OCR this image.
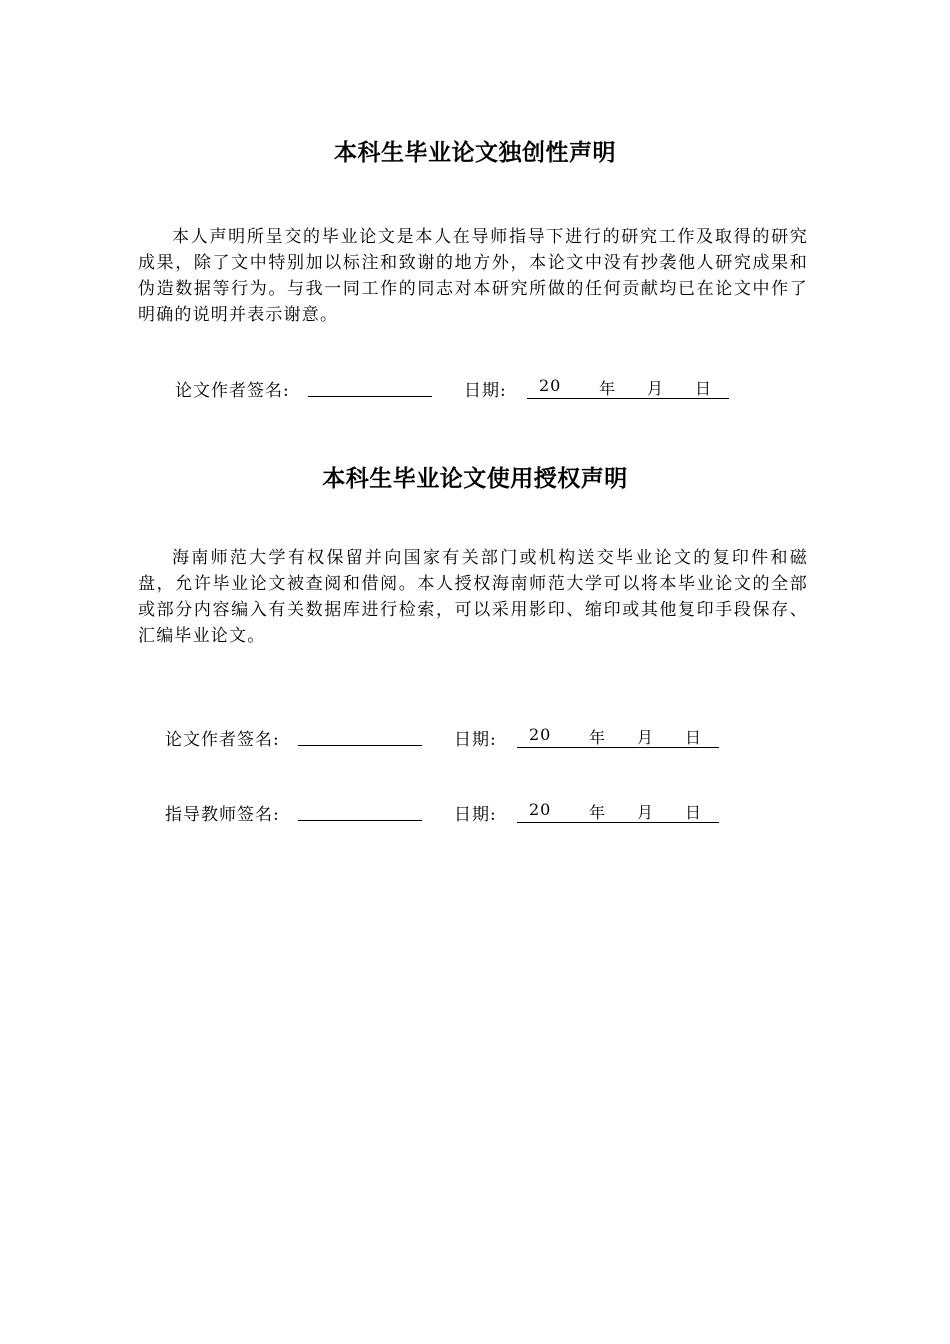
本科生毕业论文独创性声明
本人声明所呈交的毕业论文是本人在导师指导下进行的研究工作及取得的研究成果，除了文中特别加以标注和致谢的地方外，本论文中没有抄袭他人研究成果和伪造数据等行为。与我一同工作的同志对本研究所做的任何贡献均已在论文中作了明确的说明并表示谢意。
论文作者签名:	日期: 20 年 月 日
本科生毕业论文使用授权声明
海南师范大学有权保留并向国家有关部门或机构送交毕业论文的复印件和磁盘，允许毕业论文被查阅和借阅。本人授权海南师范大学可以将本毕业论文的全部或部分内容编入有关数据库进行检索，可以采用影印、缩印或其他复印手段保存、汇编毕业论文。
论文作者签名:	日期: 20 年 月 日
指导教师签名:	日期: 20 年 月 日
